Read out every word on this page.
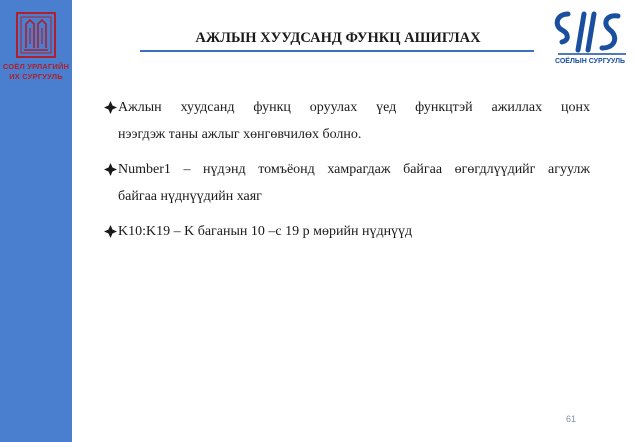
СОЁЛ УРЛАГИЙН
ИХ СУРГУУЛЬ
АЖЛЫН ХУУДСАНД ФУНКЦ АШИГЛАХ
СОЁЛЫН СУРГУУЛЬ
Ажлын хуудсанд функц оруулах үед функцтэй ажиллах цонх
нээгдэж таны ажлыг хөнгөвчилөх болно.
Number1 – нүдэнд томъёонд хамрагдаж байгаа өгөгдлүүдийг агуулж
байгаа нүднүүдийн хаяг
K10:K19 – K баганын 10 –с 19 р мөрийн нүднүүд
61
